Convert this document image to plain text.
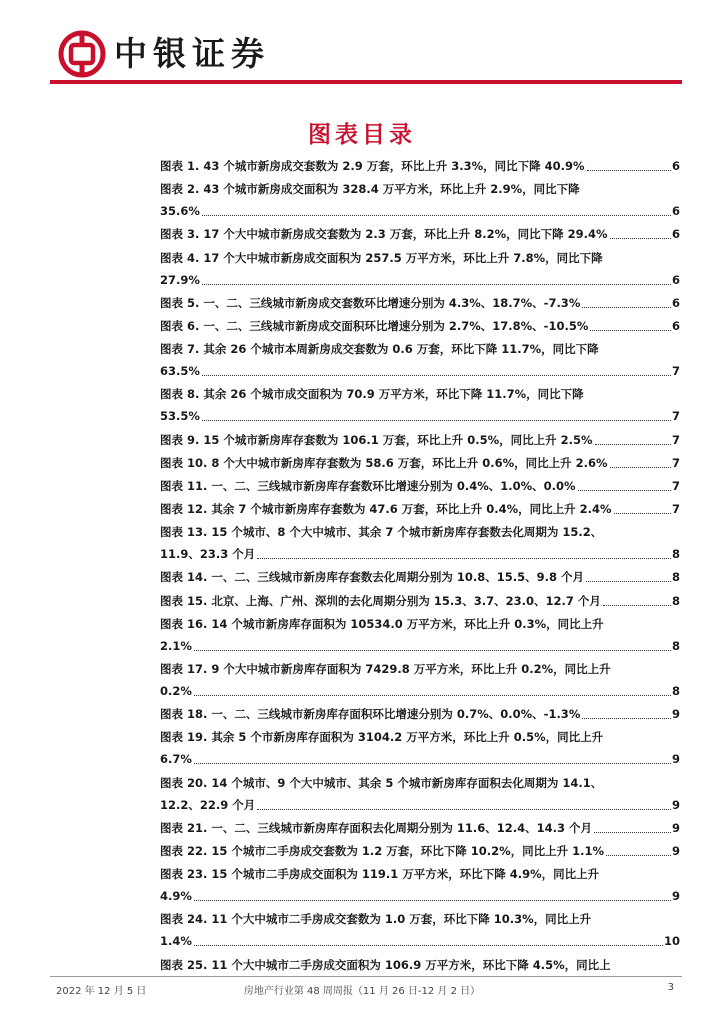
中银证券
图表目录
图表 1. 43 个城市新房成交套数为 2.9 万套，环比上升 3.3%，同比下降 40.9%	6
图表 2. 43 个城市新房成交面积为 328.4 万平方米，环比上升 2.9%，同比下降
35.6%	6
图表 3. 17 个大中城市新房成交套数为 2.3 万套，环比上升 8.2%，同比下降 29.4%	6
图表 4. 17 个大中城市新房成交面积为 257.5 万平方米，环比上升 7.8%，同比下降
27.9%	6
图表 5. 一、二、三线城市新房成交套数环比增速分别为 4.3%、18.7%、-7.3%	6
图表 6. 一、二、三线城市新房成交面积环比增速分别为 2.7%、17.8%、-10.5%	6
图表 7. 其余 26 个城市本周新房成交套数为 0.6 万套，环比下降 11.7%，同比下降
63.5%	7
图表 8. 其余 26 个城市成交面积为 70.9 万平方米，环比下降 11.7%，同比下降
53.5%	7
图表 9. 15 个城市新房库存套数为 106.1 万套，环比上升 0.5%，同比上升 2.5%	7
图表 10. 8 个大中城市新房库存套数为 58.6 万套，环比上升 0.6%，同比上升 2.6%	7
图表 11. 一、二、三线城市新房库存套数环比增速分别为 0.4%、1.0%、0.0%	7
图表 12. 其余 7 个城市新房库存套数为 47.6 万套，环比上升 0.4%，同比上升 2.4%	7
图表 13. 15 个城市、8 个大中城市、其余 7 个城市新房库存套数去化周期为 15.2、
11.9、23.3 个月	8
图表 14. 一、二、三线城市新房库存套数去化周期分别为 10.8、15.5、9.8 个月	8
图表 15. 北京、上海、广州、深圳的去化周期分别为 15.3、3.7、23.0、12.7 个月	8
图表 16. 14 个城市新房库存面积为 10534.0 万平方米，环比上升 0.3%，同比上升
2.1%	8
图表 17. 9 个大中城市新房库存面积为 7429.8 万平方米，环比上升 0.2%，同比上升
0.2%	8
图表 18. 一、二、三线城市新房库存面积环比增速分别为 0.7%、0.0%、-1.3%	9
图表 19. 其余 5 个市新房库存面积为 3104.2 万平方米，环比上升 0.5%，同比上升
6.7%	9
图表 20. 14 个城市、9 个大中城市、其余 5 个城市新房库存面积去化周期为 14.1、
12.2、22.9 个月	9
图表 21. 一、二、三线城市新房库存面积去化周期分别为 11.6、12.4、14.3 个月	9
图表 22. 15 个城市二手房成交套数为 1.2 万套，环比下降 10.2%，同比上升 1.1%	9
图表 23. 15 个城市二手房成交面积为 119.1 万平方米，环比下降 4.9%，同比上升
4.9%	9
图表 24. 11 个大中城市二手房成交套数为 1.0 万套，环比下降 10.3%，同比上升
1.4%	10
图表 25. 11 个大中城市二手房成交面积为 106.9 万平方米，环比下降 4.5%，同比上
2022 年 12 月 5 日	房地产行业第 48 周周报（11 月 26 日-12 月 2 日）	3
